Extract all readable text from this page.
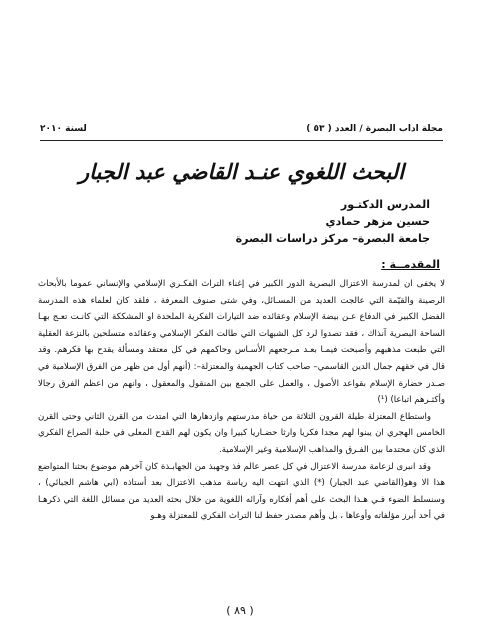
مجلة اداب البصرة / العدد ( ٥٣ )
لسنة ٢٠١٠
البحث اللغوي عنـد القاضي عبد الجبار
المدرس الدكتـور
حسين مزهر حمادي
جامعة البصرة– مركز دراسات البصرة
المقدمــة :

لا يخفى ان لمدرسة الاعتزال البصرية الدور الكبير في إغناء التراث الفكـري الإسلامي والإنساني عموما بالأبحاث الرصينة والقيّمة التي عالجت العديد من المسـائل، وفي شتى صنوف المعرفة ، فلقد كان لعلماء هذه المدرسة الفضل الكبير في الدفاع عـن بيضة الإسلام وعقائده ضد التيارات الفكرية الملحدة او المشككة التي كانـت تعـج بهـا الساحة البصرية آنذاك ، فقد تصدوا لرد كل الشبهات التي طالت الفكر الإسلامي وعقائده متسلحين بالنزعة العقلية التي طبعت مذهبهم وأصبحت فيمـا بعـد مـرجعهم الأسـاس وحاكمهم في كل معتقد ومسألة يقدح بها فكرهم. وقد قال في حقهم جمال الدين القاسمي– صاحب كتاب الجهمية والمعتزلة–: (أنهم أول من ظهر من الفرق الإسلامية في صـدر حضارة الإسلام بقواعد الأصول ، والعمل على الجمع بين المنقول والمعقول ، وانهم من اعظم الفرق رجالا وأكثـرهم اتباعا) (¹)

واستطاع المعتزلة طيلة القرون الثلاثة من حياة مدرستهم وازدهارها التي امتدت من القرن الثاني وحتى القرن الخامس الهجري ان يبنوا لهم مجدا فكريا وارثا حضـاريا كبيرا وان يكون لهم القدح المعلى في حلبة الصراع الفكري الذي كان محتدما بين الفـرق والمذاهب الإسلامية وغير الإسلامية.

وقد انبرى لزعامة مدرسة الاعتزال في كل عصر عالم فذ وجهبذ من الجهابـذة كان آخرهم موضوع بحثنا المتواضع هذا الا وهو(القاضي عبد الجبار) (*) الذي انتهت اليه رياسة مذهب الاعتزال بعد أستاذه (ابي هاشم الجبائي) ، وسنسلط الضوء فـي هـذا البحث على أهم أفكاره وآرائه اللغوية من خلال بحثه العديد من مسائل اللغة التي ذكرهـا في أحد أبرز مؤلفاته وأوعاها ، بل وأهم مصدر حفظ لنا التراث الفكري للمعتزلة وهـو

( ٨٩ )
